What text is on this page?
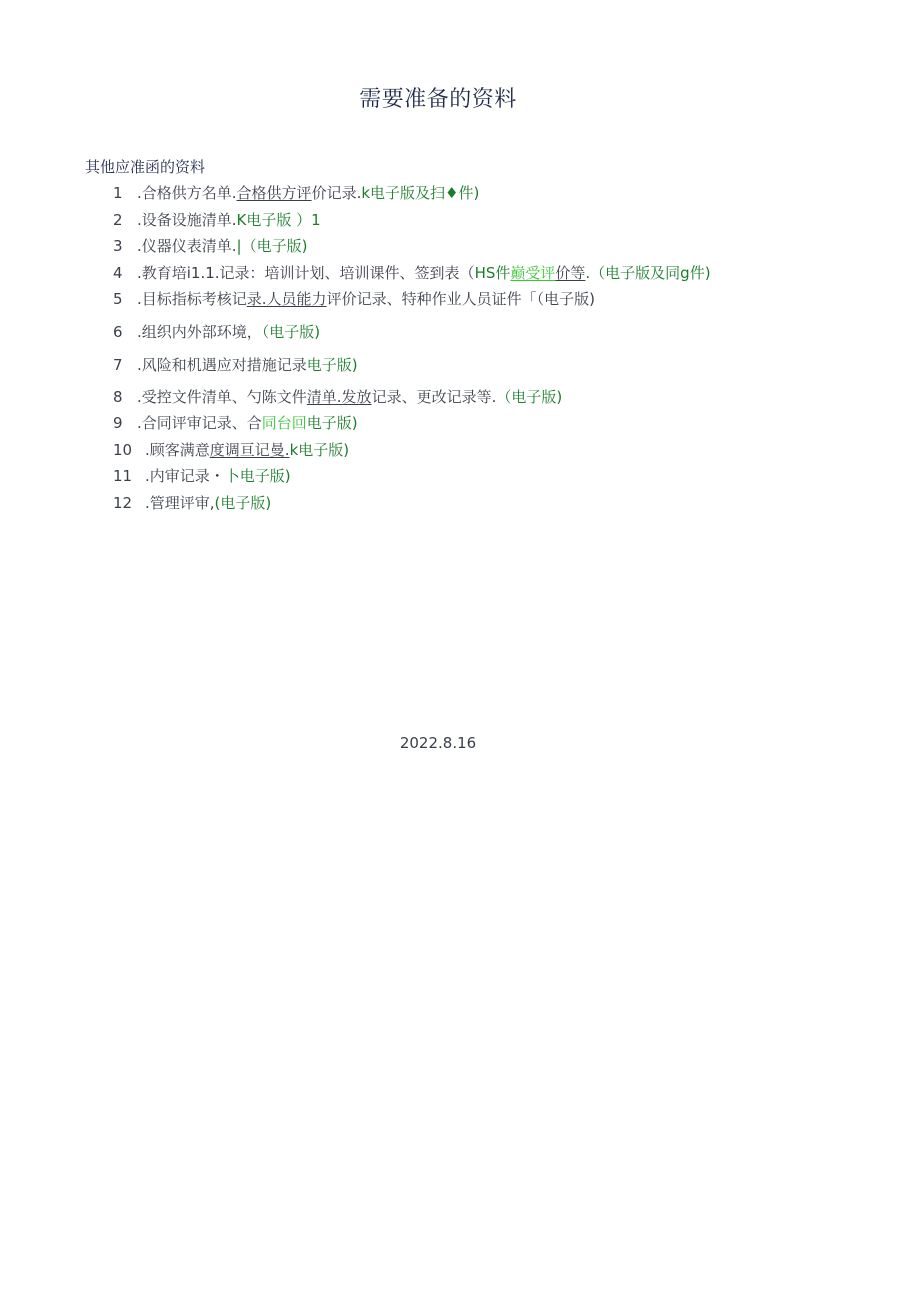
需要准备的资料
其他应准函的资料
1 .合格供方名单.合格供方评价记录.k电子版及扫♦件)
2 .设备设施清单.K电子版 ）1
3 .仪器仪表清单.|（电子版)
4 .教育培i1.1.记录：培训计划、培训课件、签到表（HS件巅受评价等.（电子版及同g件)
5 .目标指标考核记录.人员能力评价记录、特种作业人员证件「（电子版)
6 .组织内外部环境，（电子版)
7 .风险和机遇应对措施记录电子版)
8 .受控文件清单、勺陈文件清单.发放记录、更改记录等.（电子版)
9 .合同评审记录、合同台回电子版)
10 .顾客满意度调亘记曼.k电子版)
11 .内审记录・卜电子版)
12 .管理评审,(电子版)
2022.8.16
